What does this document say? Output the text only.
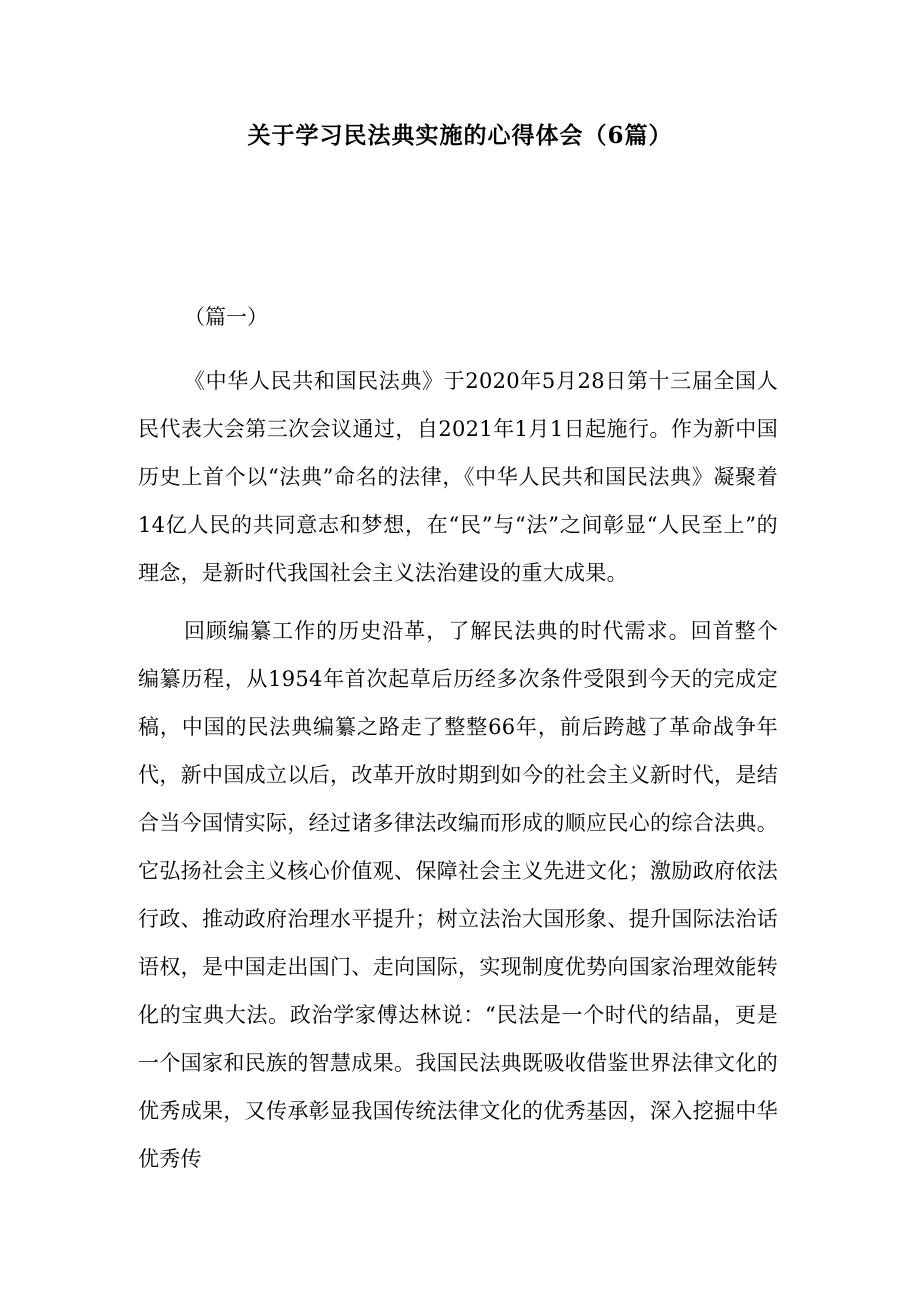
关于学习民法典实施的心得体会（6篇）

（篇一）

《中华人民共和国民法典》于2020年5月28日第十三届全国人民代表大会第三次会议通过，自2021年1月1日起施行。作为新中国历史上首个以“法典”命名的法律，《中华人民共和国民法典》凝聚着14亿人民的共同意志和梦想，在“民”与“法”之间彰显“人民至上”的理念，是新时代我国社会主义法治建设的重大成果。

回顾编纂工作的历史沿革，了解民法典的时代需求。回首整个编纂历程，从1954年首次起草后历经多次条件受限到今天的完成定稿，中国的民法典编纂之路走了整整66年，前后跨越了革命战争年代，新中国成立以后，改革开放时期到如今的社会主义新时代，是结合当今国情实际，经过诸多律法改编而形成的顺应民心的综合法典。它弘扬社会主义核心价值观、保障社会主义先进文化；激励政府依法行政、推动政府治理水平提升；树立法治大国形象、提升国际法治话语权，是中国走出国门、走向国际，实现制度优势向国家治理效能转化的宝典大法。政治学家傅达林说：“民法是一个时代的结晶，更是一个国家和民族的智慧成果。我国民法典既吸收借鉴世界法律文化的优秀成果，又传承彰显我国传统法律文化的优秀基因，深入挖掘中华优秀传
